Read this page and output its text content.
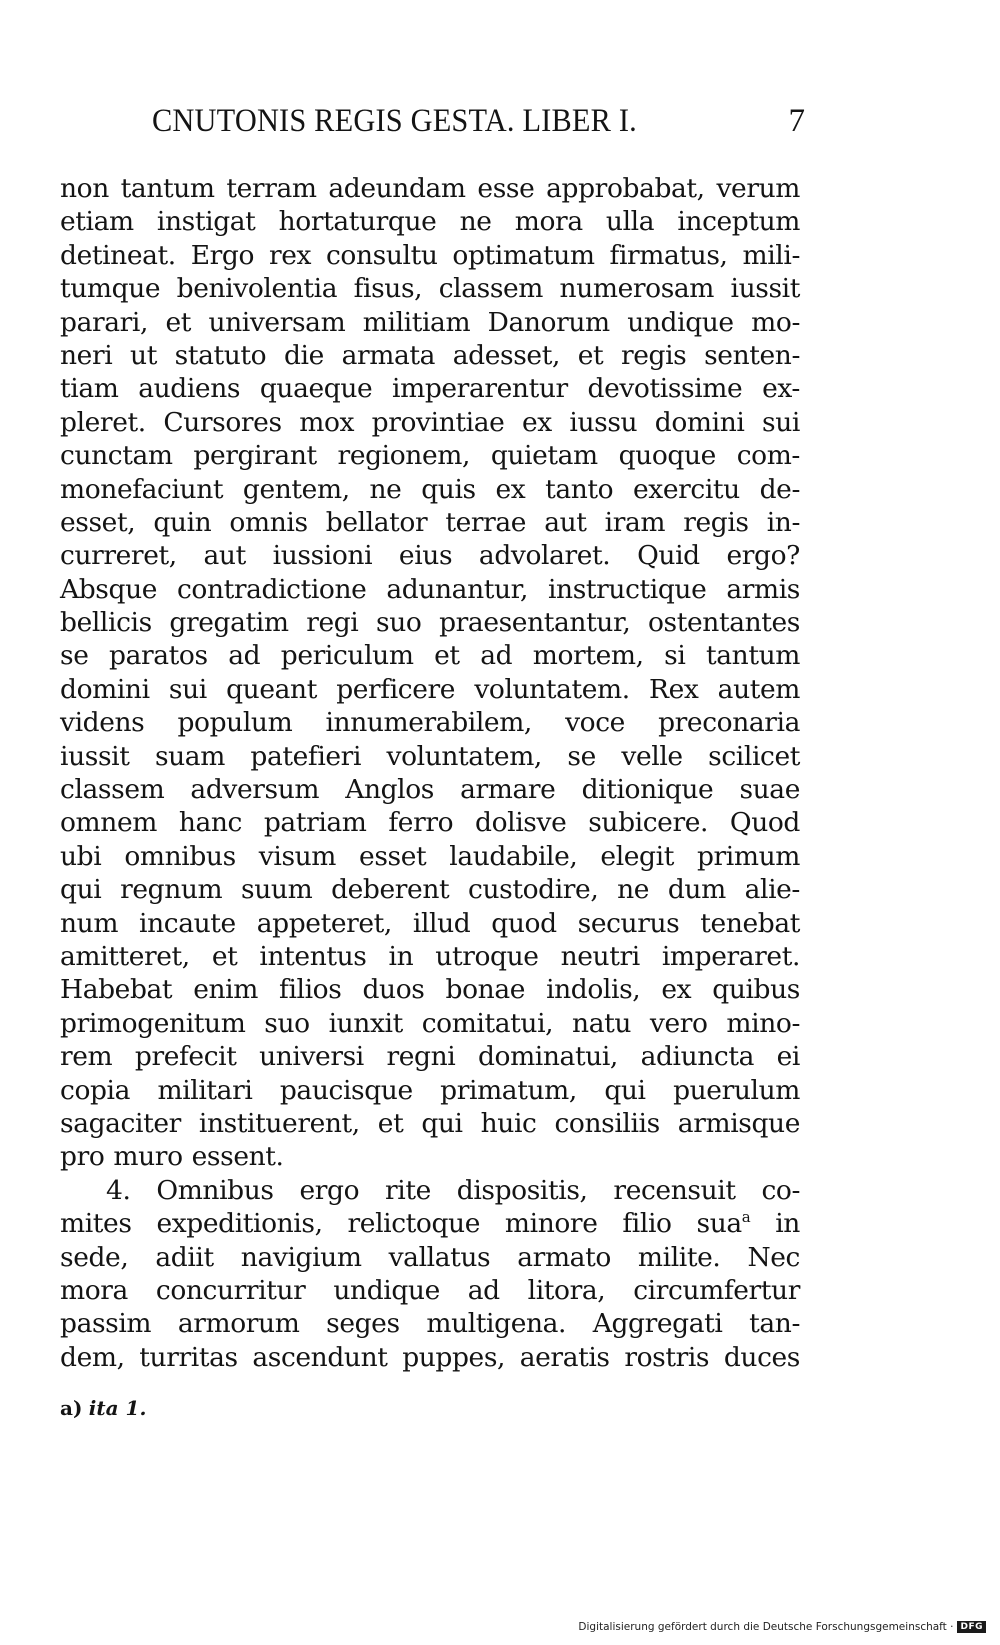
CNUTONIS REGIS GESTA. LIBER I.	7
non tantum terram adeundam esse approbabat, verum
etiam instigat hortaturque ne mora ulla inceptum
detineat. Ergo rex consultu optimatum firmatus, mili-
tumque benivolentia fisus, classem numerosam iussit
parari, et universam militiam Danorum undique mo-
neri ut statuto die armata adesset, et regis senten-
tiam audiens quaeque imperarentur devotissime ex-
pleret. Cursores mox provintiae ex iussu domini sui
cunctam pergirant regionem, quietam quoque com-
monefaciunt gentem, ne quis ex tanto exercitu de-
esset, quin omnis bellator terrae aut iram regis in-
curreret, aut iussioni eius advolaret. Quid ergo?
Absque contradictione adunantur, instructique armis
bellicis gregatim regi suo praesentantur, ostentantes
se paratos ad periculum et ad mortem, si tantum
domini sui queant perficere voluntatem. Rex autem
videns populum innumerabilem, voce preconaria
iussit suam patefieri voluntatem, se velle scilicet
classem adversum Anglos armare ditionique suae
omnem hanc patriam ferro dolisve subicere. Quod
ubi omnibus visum esset laudabile, elegit primum
qui regnum suum deberent custodire, ne dum alie-
num incaute appeteret, illud quod securus tenebat
amitteret, et intentus in utroque neutri imperaret.
Habebat enim filios duos bonae indolis, ex quibus
primogenitum suo iunxit comitatui, natu vero mino-
rem prefecit universi regni dominatui, adiuncta ei
copia militari paucisque primatum, qui puerulum
sagaciter instituerent, et qui huic consiliis armisque
pro muro essent.
4. Omnibus ergo rite dispositis, recensuit co-
mites expeditionis, relictoque minore filio sua$^a$ in
sede, adiit navigium vallatus armato milite. Nec
mora concurritur undique ad litora, circumfertur
passim armorum seges multigena. Aggregati tan-
dem, turritas ascendunt puppes, aeratis rostris duces
a) ita 1.
Digitalisierung gefördert durch die Deutsche Forschungsgemeinschaft · DFG
